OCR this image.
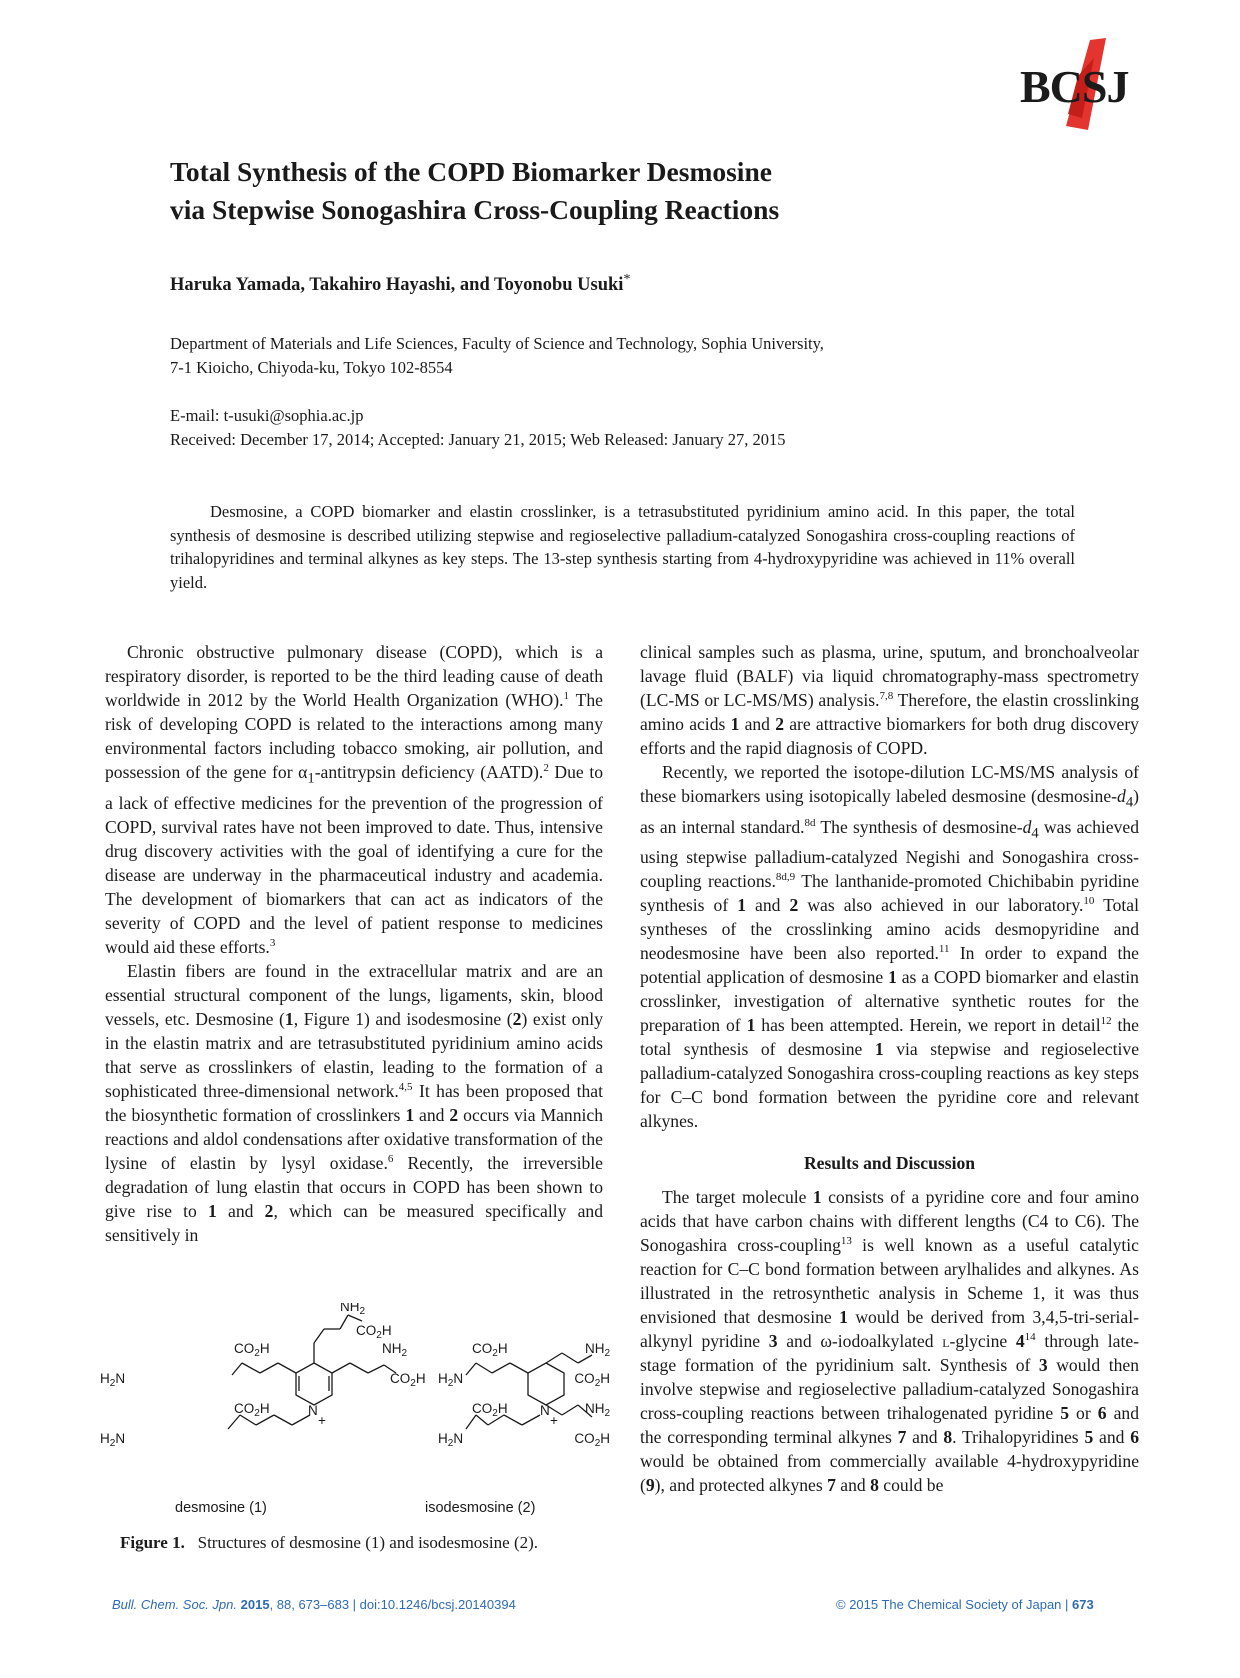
BCSJ
Total Synthesis of the COPD Biomarker Desmosine
via Stepwise Sonogashira Cross-Coupling Reactions

Haruka Yamada, Takahiro Hayashi, and Toyonobu Usuki*

Department of Materials and Life Sciences, Faculty of Science and Technology, Sophia University,
7-1 Kioicho, Chiyoda-ku, Tokyo 102-8554

E-mail: t-usuki@sophia.ac.jp

Received: December 17, 2014; Accepted: January 21, 2015; Web Released: January 27, 2015

Desmosine, a COPD biomarker and elastin crosslinker, is a tetrasubstituted pyridinium amino acid. In this paper, the total synthesis of desmosine is described utilizing stepwise and regioselective palladium-catalyzed Sonogashira cross-coupling reactions of trihalopyridines and terminal alkynes as key steps. The 13-step synthesis starting from 4-hydroxypyridine was achieved in 11% overall yield.

Chronic obstructive pulmonary disease (COPD), which is a respiratory disorder, is reported to be the third leading cause of death worldwide in 2012 by the World Health Organization (WHO).$^1$ The risk of developing COPD is related to the interactions among many environmental factors including tobacco smoking, air pollution, and possession of the gene for $\alpha_1$-antitrypsin deficiency (AATD).$^2$ Due to a lack of effective medicines for the prevention of the progression of COPD, survival rates have not been improved to date. Thus, intensive drug discovery activities with the goal of identifying a cure for the disease are underway in the pharmaceutical industry and academia. The development of biomarkers that can act as indicators of the severity of COPD and the level of patient response to medicines would aid these efforts.$^3$

Elastin fibers are found in the extracellular matrix and are an essential structural component of the lungs, ligaments, skin, blood vessels, etc. Desmosine (1, Figure 1) and isodesmosine (2) exist only in the elastin matrix and are tetrasubstituted pyridinium amino acids that serve as crosslinkers of elastin, leading to the formation of a sophisticated three-dimensional network.$^{4,5}$ It has been proposed that the biosynthetic formation of crosslinkers 1 and 2 occurs via Mannich reactions and aldol condensations after oxidative transformation of the lysine of elastin by lysyl oxidase.$^6$ Recently, the irreversible degradation of lung elastin that occurs in COPD has been shown to give rise to 1 and 2, which can be measured specifically and sensitively in

clinical samples such as plasma, urine, sputum, and bronchoalveolar lavage fluid (BALF) via liquid chromatography-mass spectrometry (LC-MS or LC-MS/MS) analysis.$^{7,8}$ Therefore, the elastin crosslinking amino acids 1 and 2 are attractive biomarkers for both drug discovery efforts and the rapid diagnosis of COPD.

Recently, we reported the isotope-dilution LC-MS/MS analysis of these biomarkers using isotopically labeled desmosine $(desmosine-d_4)$ as an internal standard.$^{8d}$ The synthesis of desmosine-$d_4$ was achieved using stepwise palladium-catalyzed Negishi and Sonogashira cross-coupling reactions.$^{8d,9}$ The lanthanide-promoted Chichibabin pyridine synthesis of 1 and 2 was also achieved in our laboratory.$^{10}$ Total syntheses of the crosslinking amino acids desmopyridine and neodesmosine have been also reported.$^{11}$ In order to expand the potential application of desmosine 1 as a COPD biomarker and elastin crosslinker, investigation of alternative synthetic routes for the preparation of 1 has been attempted. Herein, we report in detail$^{12}$ the total synthesis of desmosine 1 via stepwise and regioselective palladium-catalyzed Sonogashira cross-coupling reactions as key steps for C–C bond formation between the pyridine core and relevant alkynes.

Results and Discussion

The target molecule 1 consists of a pyridine core and four amino acids that have carbon chains with different lengths (C4 to C6). The Sonogashira cross-coupling$^{13}$ is well known as a useful catalytic reaction for C–C bond formation between arylhalides and alkynes. As illustrated in the retrosynthetic analysis in Scheme 1, it was thus envisioned that desmosine 1 would be derived from 3,4,5-tri-serial-alkynyl pyridine 3 and ω-iodoalkylated l-glycine $4^{14}$ through late-stage formation of the pyridinium salt. Synthesis of 3 would then involve stepwise and regioselective palladium-catalyzed Sonogashira cross-coupling reactions between trihalogenated pyridine 5 or 6 and the corresponding terminal alkynes 7 and 8. Trihalopyridines 5 and 6 would be obtained from commercially available 4-hydroxypyridine (9), and protected alkynes 7 and 8 could be

$NH_2$
$CO_2H$
$CO_2H$	$NH_2$
$H_2N$	$CO_2H$
$CO_2H$	N
+
$H_2N$
$CO_2H$	$NH_2$
$H_2N$	$CO_2H$
$CO_2H$ N
+
$NH_2$
$H_2N$	$CO_2H$
desmosine (1)	isodesmosine (2)

Figure 1. Structures of desmosine (1) and isodesmosine (2).

Bull. Chem. Soc. Jpn. 2015, 88, 673–683 | doi:10.1246/bcsj.20140394	© 2015 The Chemical Society of Japan | 673
